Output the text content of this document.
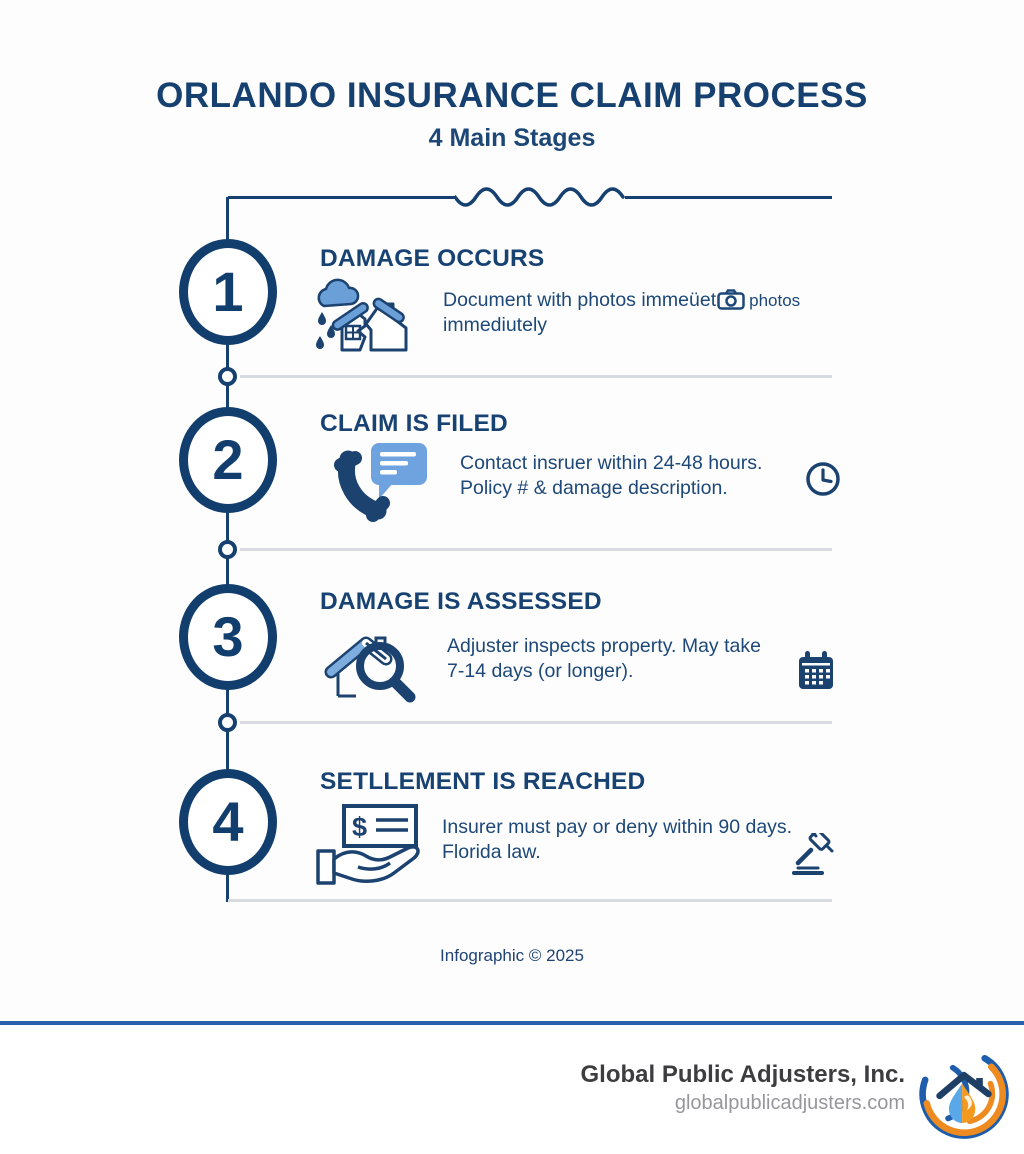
ORLANDO INSURANCE CLAIM PROCESS
4 Main Stages
1
2
3
4
DAMAGE OCCURS
Document with photos immeüet photos
immediutely
CLAIM IS FILED
Contact insruer within 24-48 hours.
Policy # & damage description.
DAMAGE IS ASSESSED
Adjuster inspects property. May take
7-14 days (or longer).
SETLLEMENT IS REACHED
$	Insurer must pay or deny within 90 days.
Florida law.
Infographic © 2025
Global Public Adjusters, Inc.
globalpublicadjusters.com
